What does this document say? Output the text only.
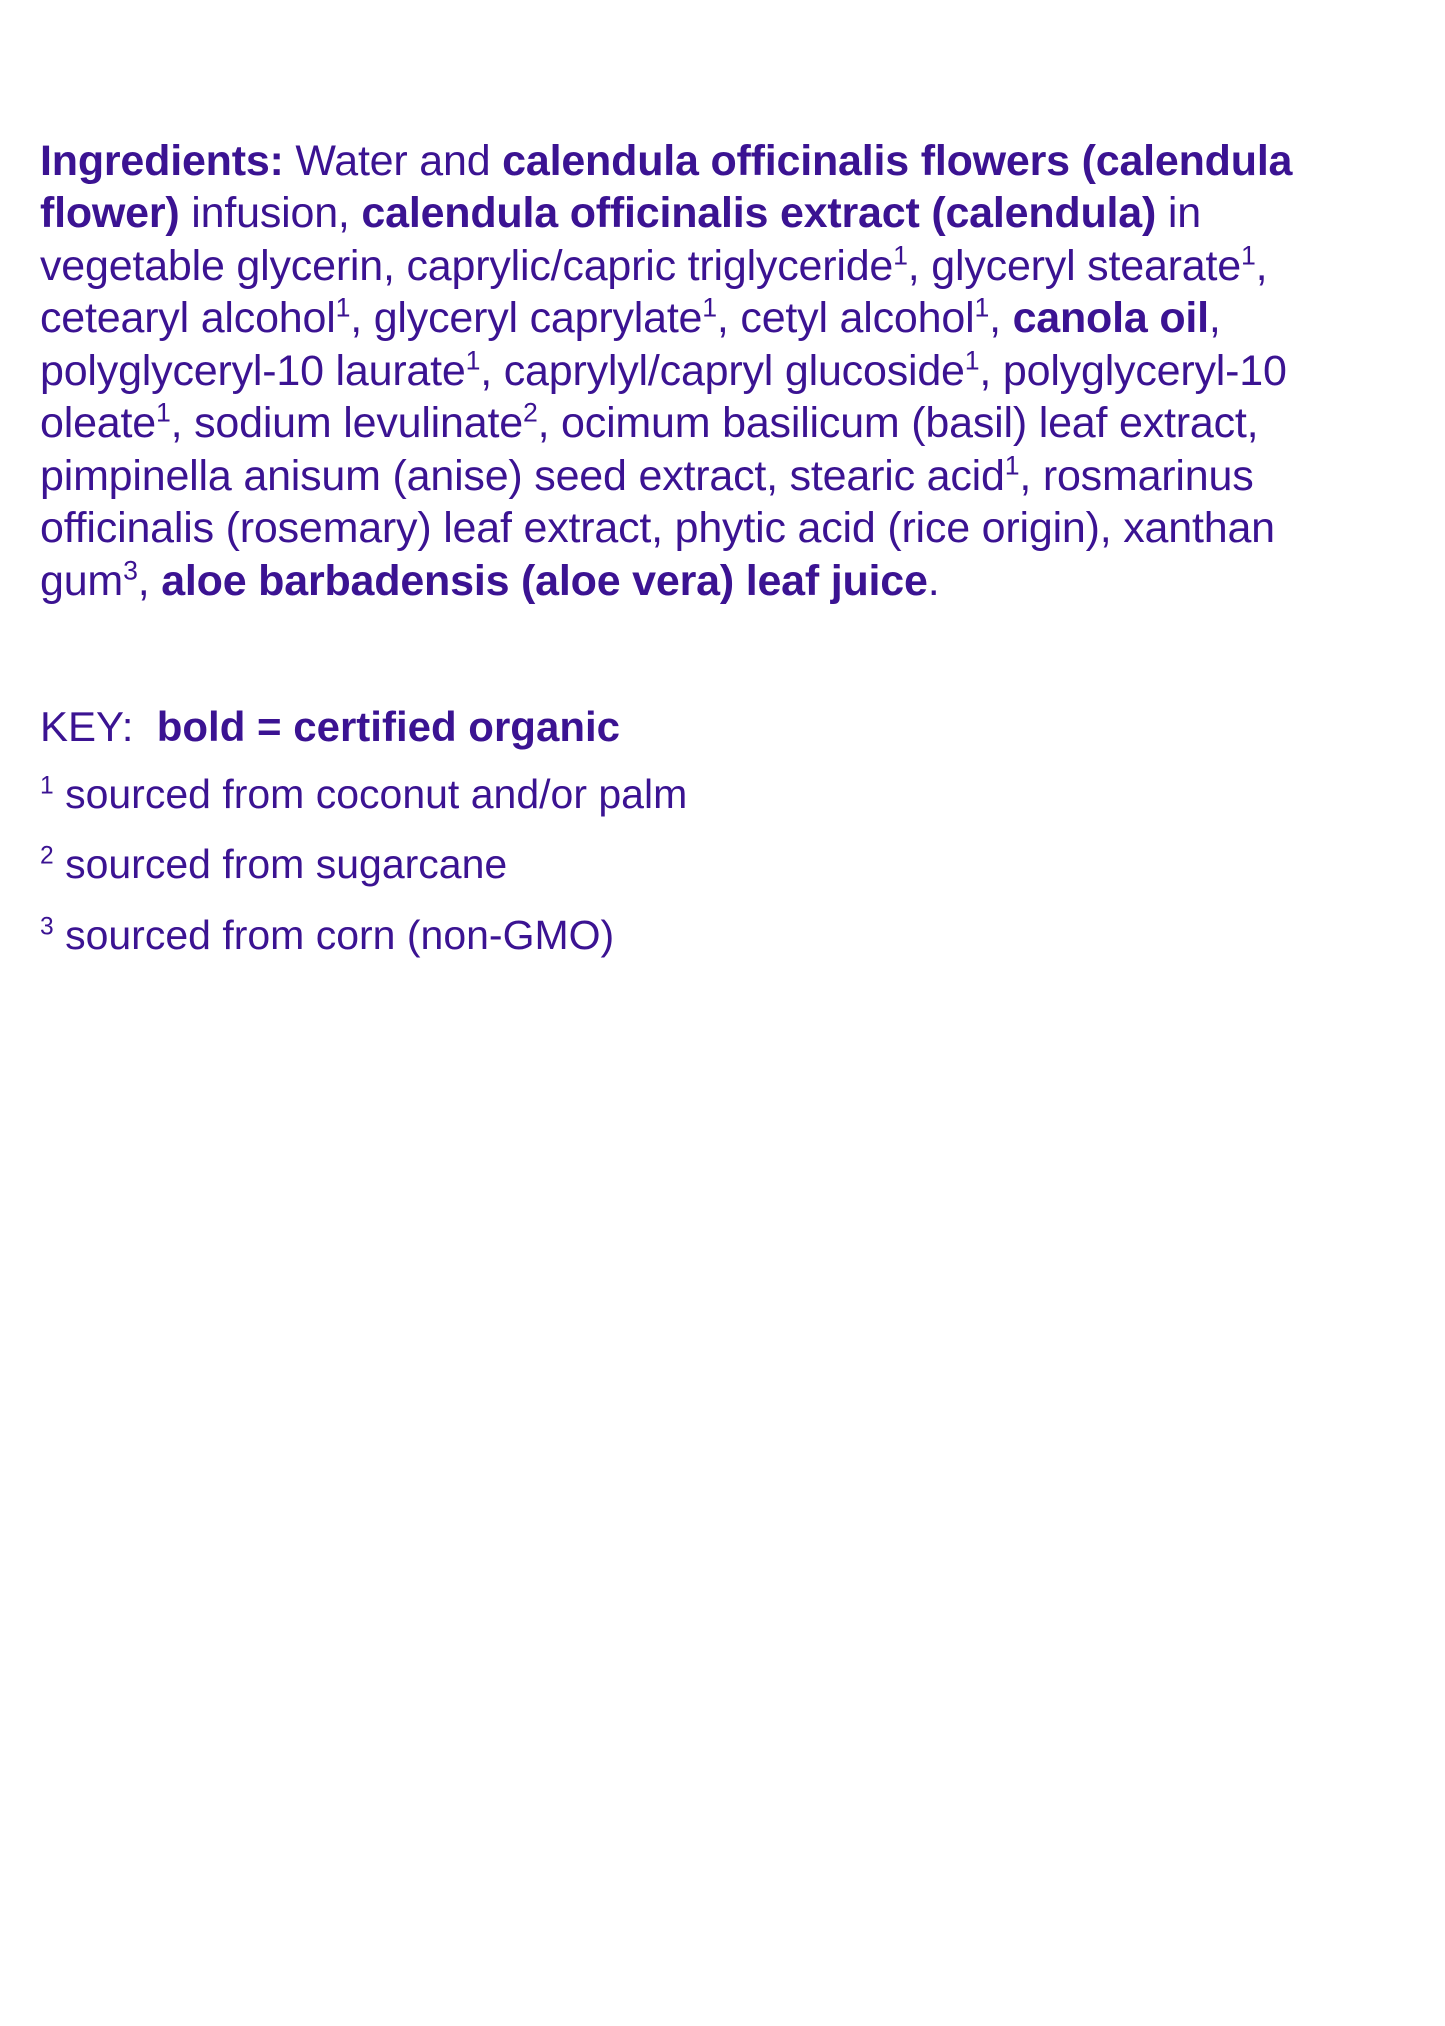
Ingredients: Water and calendula officinalis flowers (calendula flower) infusion, calendula officinalis extract (calendula) in vegetable glycerin, caprylic/capric triglyceride$^1$, glyceryl stearate$^1$, cetearyl alcohol$^1$, glyceryl caprylate$^1$, cetyl alcohol$^1$, canola oil, polyglyceryl-10 laurate$^1$, caprylyl/capryl glucoside$^1$, polyglyceryl-10 oleate$^1$, sodium levulinate$^2$, ocimum basilicum (basil) leaf extract, pimpinella anisum (anise) seed extract, stearic acid$^1$, rosmarinus officinalis (rosemary) leaf extract, phytic acid (rice origin), xanthan gum$^3$, aloe barbadensis (aloe vera) leaf juice.

KEY: bold = certified organic

$^1$ sourced from coconut and/or palm

$^2$ sourced from sugarcane

$^3$ sourced from corn (non-GMO)
